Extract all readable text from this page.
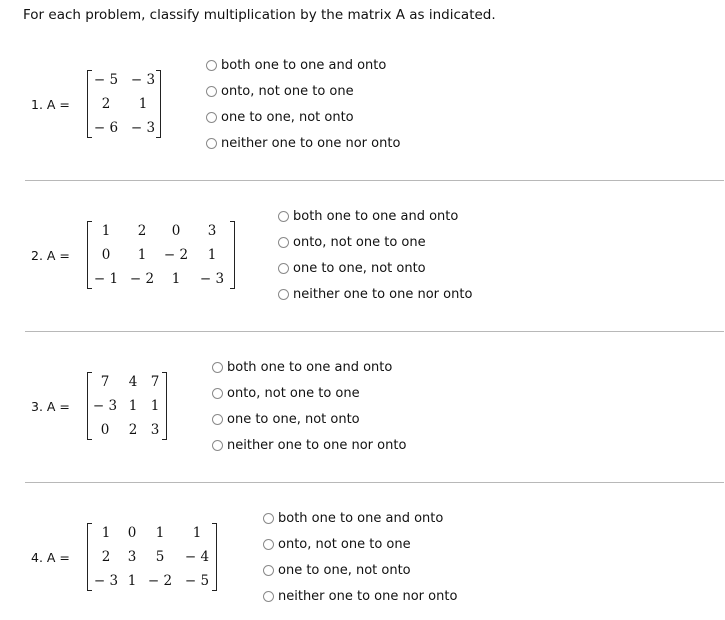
For each problem, classify multiplication by the matrix A as indicated.
1. A =
− 5 − 3
2 1
− 6 − 3
both one to one and onto
onto, not one to one
one to one, not onto
neither one to one nor onto
2. A =
1 2 0 3
0 1 − 2 1
− 1 − 2 1 − 3
both one to one and onto
onto, not one to one
one to one, not onto
neither one to one nor onto
3. A =
7 4 7
− 3 1 1
0 2 3
both one to one and onto
onto, not one to one
one to one, not onto
neither one to one nor onto
4. A =
1 0 1 1
2 3 5 − 4
− 3 1 − 2 − 5
both one to one and onto
onto, not one to one
one to one, not onto
neither one to one nor onto
